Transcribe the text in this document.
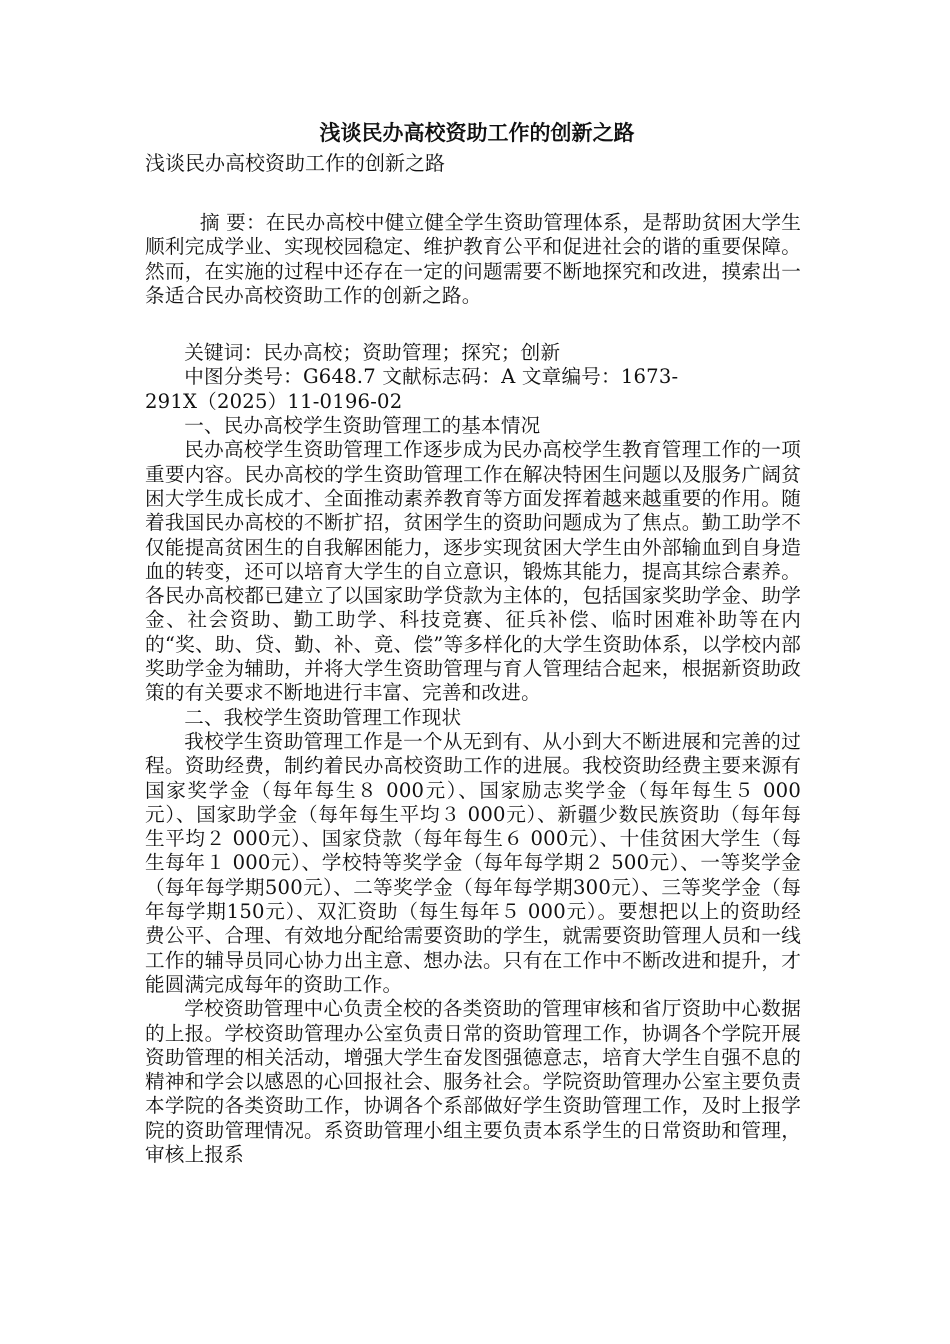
浅谈民办高校资助工作的创新之路

浅谈民办高校资助工作的创新之路

摘 要：在民办高校中健立健全学生资助管理体系，是帮助贫困大学生顺利完成学业、实现校园稳定、维护教育公平和促进社会的谐的重要保障。然而，在实施的过程中还存在一定的问题需要不断地探究和改进，摸索出一条适合民办高校资助工作的创新之路。

关键词：民办高校；资助管理；探究；创新

中图分类号：G648.7 文献标志码：A 文章编号：1673-

291X（2025）11-0196-02

一、民办高校学生资助管理工的基本情况

民办高校学生资助管理工作逐步成为民办高校学生教育管理工作的一项重要内容。民办高校的学生资助管理工作在解决特困生问题以及服务广阔贫困大学生成长成才、全面推动素养教育等方面发挥着越来越重要的作用。随着我国民办高校的不断扩招，贫困学生的资助问题成为了焦点。勤工助学不仅能提高贫困生的自我解困能力，逐步实现贫困大学生由外部输血到自身造血的转变，还可以培育大学生的自立意识，锻炼其能力，提高其综合素养。各民办高校都已建立了以国家助学贷款为主体的，包括国家奖助学金、助学金、社会资助、勤工助学、科技竞赛、征兵补偿、临时困难补助等在内的“奖、助、贷、勤、补、竟、偿”等多样化的大学生资助体系，以学校内部奖助学金为辅助，并将大学生资助管理与育人管理结合起来，根据新资助政策的有关要求不断地进行丰富、完善和改进。

二、我校学生资助管理工作现状

我校学生资助管理工作是一个从无到有、从小到大不断进展和完善的过程。资助经费，制约着民办高校资助工作的进展。我校资助经费主要来源有国家奖学金（每年每生８ 000元）、国家励志奖学金（每年每生５ 000元）、国家助学金（每年每生平均３ 000元）、新疆少数民族资助（每年每生平均２ 000元）、国家贷款（每年每生６ 000元）、十佳贫困大学生（每生每年１ 000元）、学校特等奖学金（每年每学期２ 500元）、一等奖学金（每年每学期500元）、二等奖学金（每年每学期300元）、三等奖学金（每年每学期150元）、双汇资助（每生每年５ 000元）。要想把以上的资助经费公平、合理、有效地分配给需要资助的学生，就需要资助管理人员和一线工作的辅导员同心协力出主意、想办法。只有在工作中不断改进和提升，才能圆满完成每年的资助工作。

学校资助管理中心负责全校的各类资助的管理审核和省厅资助中心数据的上报。学校资助管理办公室负责日常的资助管理工作，协调各个学院开展资助管理的相关活动，增强大学生奋发图强德意志，培育大学生自强不息的精神和学会以感恩的心回报社会、服务社会。学院资助管理办公室主要负责本学院的各类资助工作，协调各个系部做好学生资助管理工作，及时上报学院的资助管理情况。系资助管理小组主要负责本系学生的日常资助和管理，审核上报系
